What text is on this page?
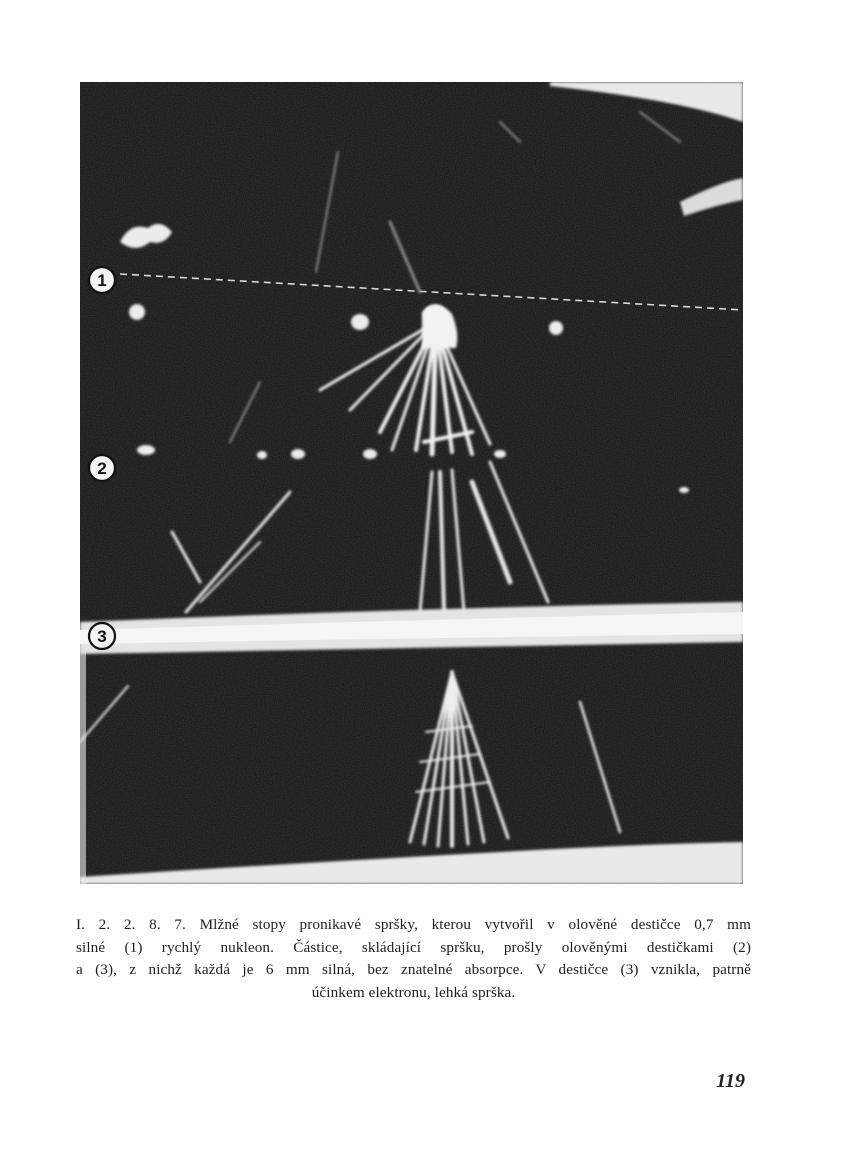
1
2
3
I. 2. 2. 8. 7. Mlžné stopy pronikavé spršky, kterou vytvořil v olověné destičce 0,7 mm
silné (1) rychlý nukleon. Částice, skládající spršku, prošly olověnými destičkami (2)
a (3), z nichž každá je 6 mm silná, bez znatelné absorpce. V destičce (3) vznikla, patrně
účinkem elektronu, lehká sprška.
119
